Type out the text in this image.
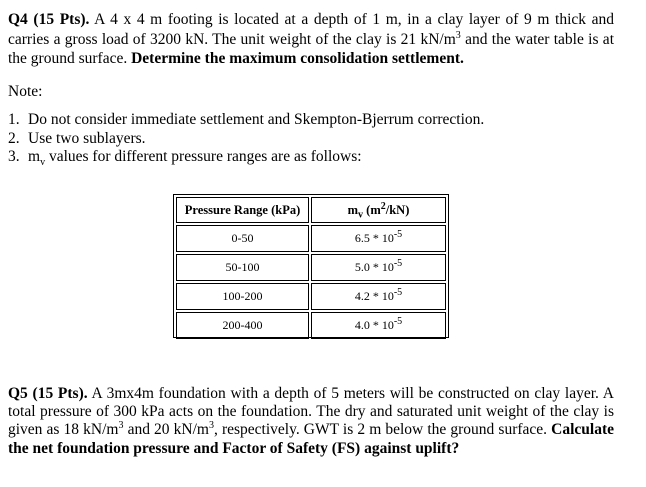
Q4 (15 Pts). A 4 x 4 m footing is located at a depth of 1 m, in a clay layer of 9 m thick and carries a gross load of 3200 kN. The unit weight of the clay is 21 $kN/m^3$ and the water table is at the ground surface. Determine the maximum consolidation settlement.
Note:
1. Do not consider immediate settlement and Skempton-Bjerrum correction.
2. Use two sublayers.
3. $m_v$ values for different pressure ranges are as follows:
Pressure Range (kPa)	$m_v$ $(m^2/kN)$
0-50	$6.5 * 10^{-5}$
50-100	$5.0 * 10^{-5}$
100-200	$4.2 * 10^{-5}$
200-400	$4.0 * 10^{-5}$
Q5 (15 Pts). A 3mx4m foundation with a depth of 5 meters will be constructed on clay layer. A total pressure of 300 kPa acts on the foundation. The dry and saturated unit weight of the clay is given as 18 $kN/m^3$ and 20 $kN/m^3$, respectively. GWT is 2 m below the ground surface. Calculate the net foundation pressure and Factor of Safety (FS) against uplift?
